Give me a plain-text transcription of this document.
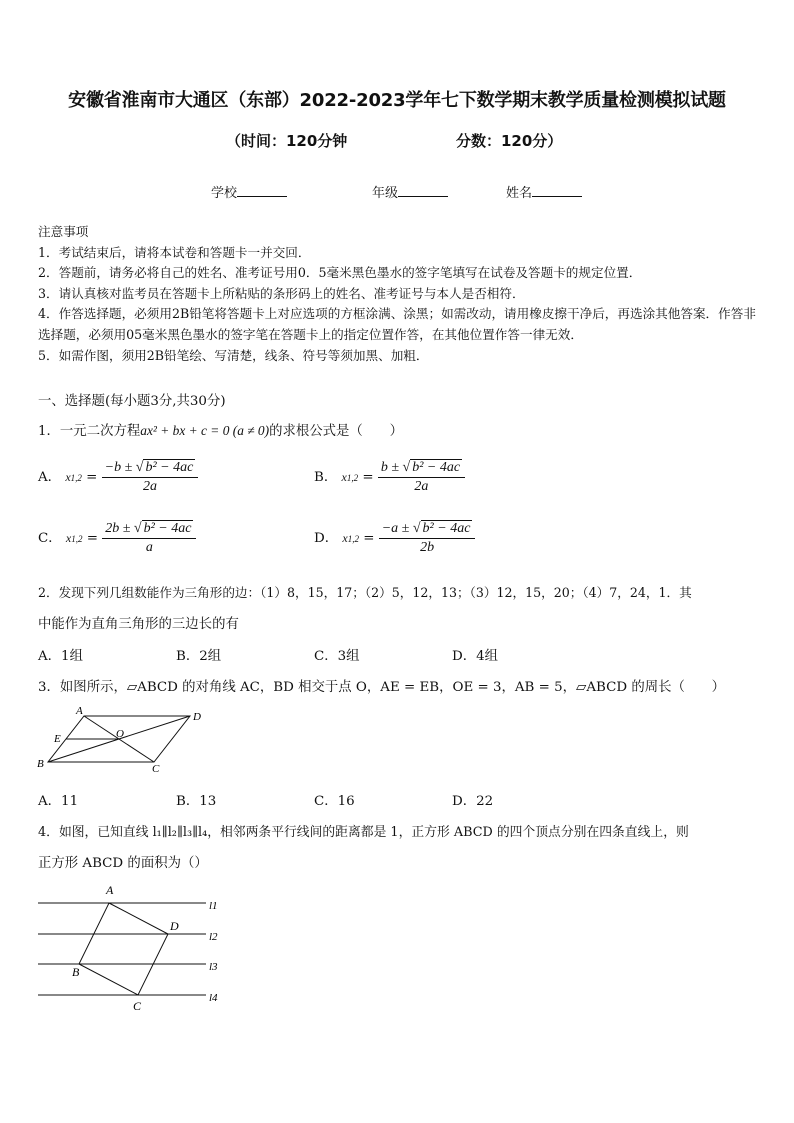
安徽省淮南市大通区（东部）2022-2023学年七下数学期末教学质量检测模拟试题
（时间：120分钟	分数：120分）
学校	年级	姓名
注意事项
1．考试结束后，请将本试卷和答题卡一并交回．
2．答题前，请务必将自己的姓名、准考证号用0．5毫米黑色墨水的签字笔填写在试卷及答题卡的规定位置．
3．请认真核对监考员在答题卡上所粘贴的条形码上的姓名、准考证号与本人是否相符．
4．作答选择题，必须用2B铅笔将答题卡上对应选项的方框涂满、涂黑；如需改动，请用橡皮擦干净后，再选涂其他答案．作答非选择题，必须用05毫米黑色墨水的签字笔在答题卡上的指定位置作答，在其他位置作答一律无效．
5．如需作图，须用2B铅笔绘、写清楚，线条、符号等须加黑、加粗．
一、选择题(每小题3分,共30分)
1．一元二次方程ax² + bx + c = 0 (a ≠ 0)的求根公式是（　　）
A． $x1,2 = \frac{\text{−b ± √ b² − 4ac}}{2a}$	B． $x1,2 = \frac{\text{b ± √ b² − 4ac}}{2a}$
C． $x1,2 = \frac{\text{2b ± √ b² − 4ac}}{a}$	D． $x1,2 = \frac{\text{−a ± √ b² − 4ac}}{2b}$
2．发现下列几组数能作为三角形的边：（1）8，15，17；（2）5，12，13；（3）12，15，20；（4）7，24，1．其
中能作为直角三角形的三边长的有
A．1组	B．2组	C．3组	D．4组
3．如图所示，▱ABCD 的对角线 AC，BD 相交于点 O，AE = EB，OE = 3，AB = 5，▱ABCD 的周长（　　）
A	D
E	O
B	C
A．11	B．13	C．16	D．22
4．如图，已知直线 l₁∥l₂∥l₃∥l₄，相邻两条平行线间的距离都是 1，正方形 ABCD 的四个顶点分别在四条直线上，则
正方形 ABCD 的面积为（）
A
D
B
C
l1
l2
l3
l4
